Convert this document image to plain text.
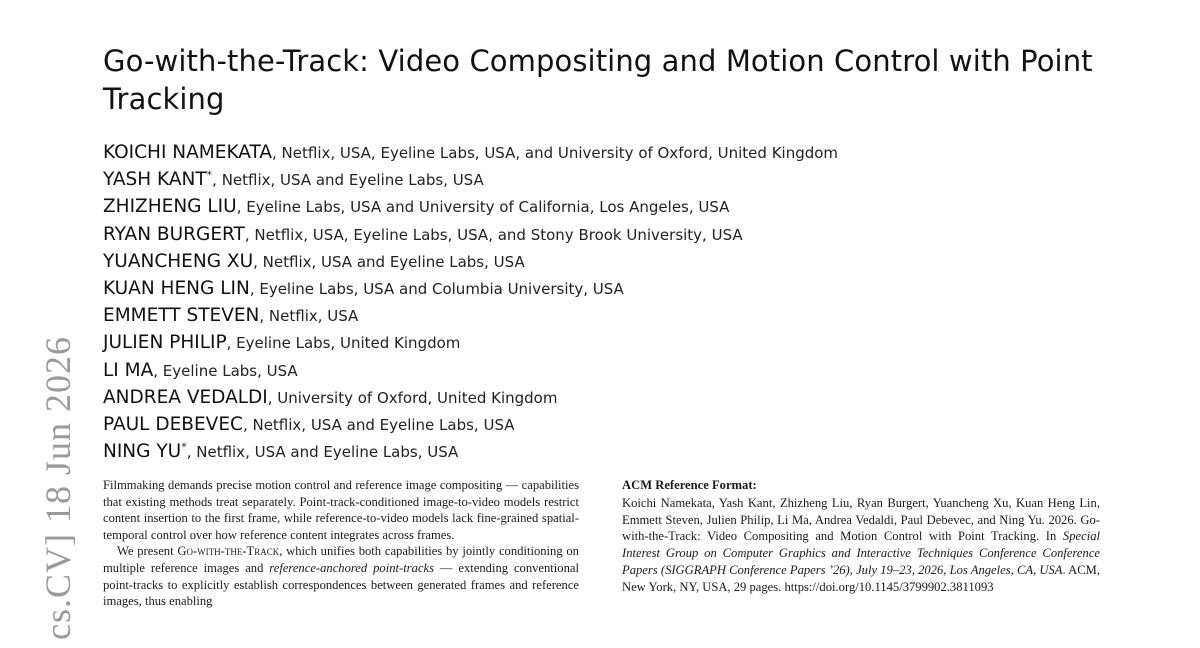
Go-with-the-Track: Video Compositing and Motion Control with Point Tracking
KOICHI NAMEKATA, Netflix, USA, Eyeline Labs, USA, and University of Oxford, United Kingdom
YASH KANT*, Netflix, USA and Eyeline Labs, USA
ZHIZHENG LIU, Eyeline Labs, USA and University of California, Los Angeles, USA
RYAN BURGERT, Netflix, USA, Eyeline Labs, USA, and Stony Brook University, USA
YUANCHENG XU, Netflix, USA and Eyeline Labs, USA
KUAN HENG LIN, Eyeline Labs, USA and Columbia University, USA
EMMETT STEVEN, Netflix, USA
JULIEN PHILIP, Eyeline Labs, United Kingdom
LI MA, Eyeline Labs, USA
ANDREA VEDALDI, University of Oxford, United Kingdom
PAUL DEBEVEC, Netflix, USA and Eyeline Labs, USA
NING YU*, Netflix, USA and Eyeline Labs, USA
cs.CV] 18 Jun 2026 Filmmaking demands precise motion control and reference image compositing — capabilities that existing methods treat separately. Point-track-conditioned image-to-video models restrict content insertion to the first frame, while reference-to-video models lack fine-grained spatial-temporal control over how reference content integrates across frames.

We present Go-with-the-Track, which unifies both capabilities by jointly conditioning on multiple reference images and reference-anchored point-tracks — extending conventional point-tracks to explicitly establish correspondences between generated frames and reference images, thus enabling

ACM Reference Format:

Koichi Namekata, Yash Kant, Zhizheng Liu, Ryan Burgert, Yuancheng Xu, Kuan Heng Lin, Emmett Steven, Julien Philip, Li Ma, Andrea Vedaldi, Paul Debevec, and Ning Yu. 2026. Go-with-the-Track: Video Compositing and Motion Control with Point Tracking. In Special Interest Group on Computer Graphics and Interactive Techniques Conference Conference Papers (SIGGRAPH Conference Papers ’26), July 19–23, 2026, Los Angeles, CA, USA. ACM, New York, NY, USA, 29 pages. https://doi.org/10.1145/3799902.3811093
